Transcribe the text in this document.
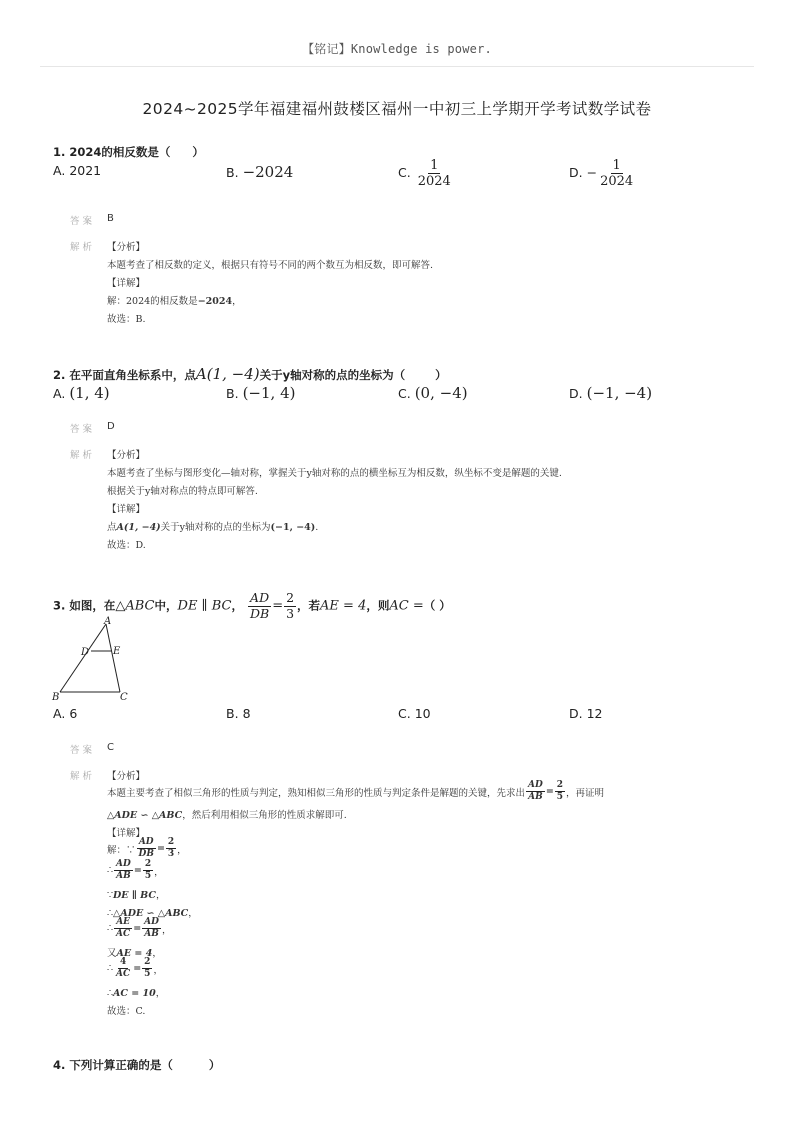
【铭记】Knowledge is power.
2024~2025学年福建福州鼓楼区福州一中初三上学期开学考试数学试卷
1. 2024的相反数是（ ）
A. 2021	B. −2024	C. $\frac{1}{2024}$	D. − $\frac{1}{2024}$
答案 B
解析 【分析】
本题考查了相反数的定义，根据只有符号不同的两个数互为相反数，即可解答.
【详解】
解：2024的相反数是−2024，
故选：B.
2. 在平面直角坐标系中，点A(1, −4)关于y轴对称的点的坐标为（	）
A. (1, 4)	B. (−1, 4)	C. (0, −4)	D. (−1, −4)
答案 D
解析 【分析】
本题考查了坐标与图形变化—轴对称，掌握关于y轴对称的点的横坐标互为相反数，纵坐标不变是解题的关键.
根据关于y轴对称点的特点即可解答.
【详解】
点A(1, −4)关于y轴对称的点的坐标为(−1, −4).
故选：D.
3. 如图，在△ABC中，DE ∥ BC， $\frac{AD}{DB} = \frac{2}{3}$ ，若AE = 4，则AC =（ ）
A
B	C
D E
A. 6	B. 8	C. 10	D. 12
答案 C
解析 【分析】
本题主要考查了相似三角形的性质与判定，熟知相似三角形的性质与判定条件是解题的关键，先求出 $\frac{AD}{AB} = \frac{2}{5}$ ，再证明
△ADE ∽ △ABC，然后利用相似三角形的性质求解即可.
【详解】
解：∵ $\frac{AD}{DB} = \frac{2}{3}$ ，
∴ $\frac{AD}{AB} = \frac{2}{5}$ ，
∵DE ∥ BC，
∴△ADE ∽ △ABC，
∴ $\frac{AE}{AC} = \frac{AD}{AB}$ ，
又AE = 4，
∴ $\frac{4}{AC} = \frac{2}{5}$ ，
∴AC = 10，
故选：C.
4. 下列计算正确的是（	）
